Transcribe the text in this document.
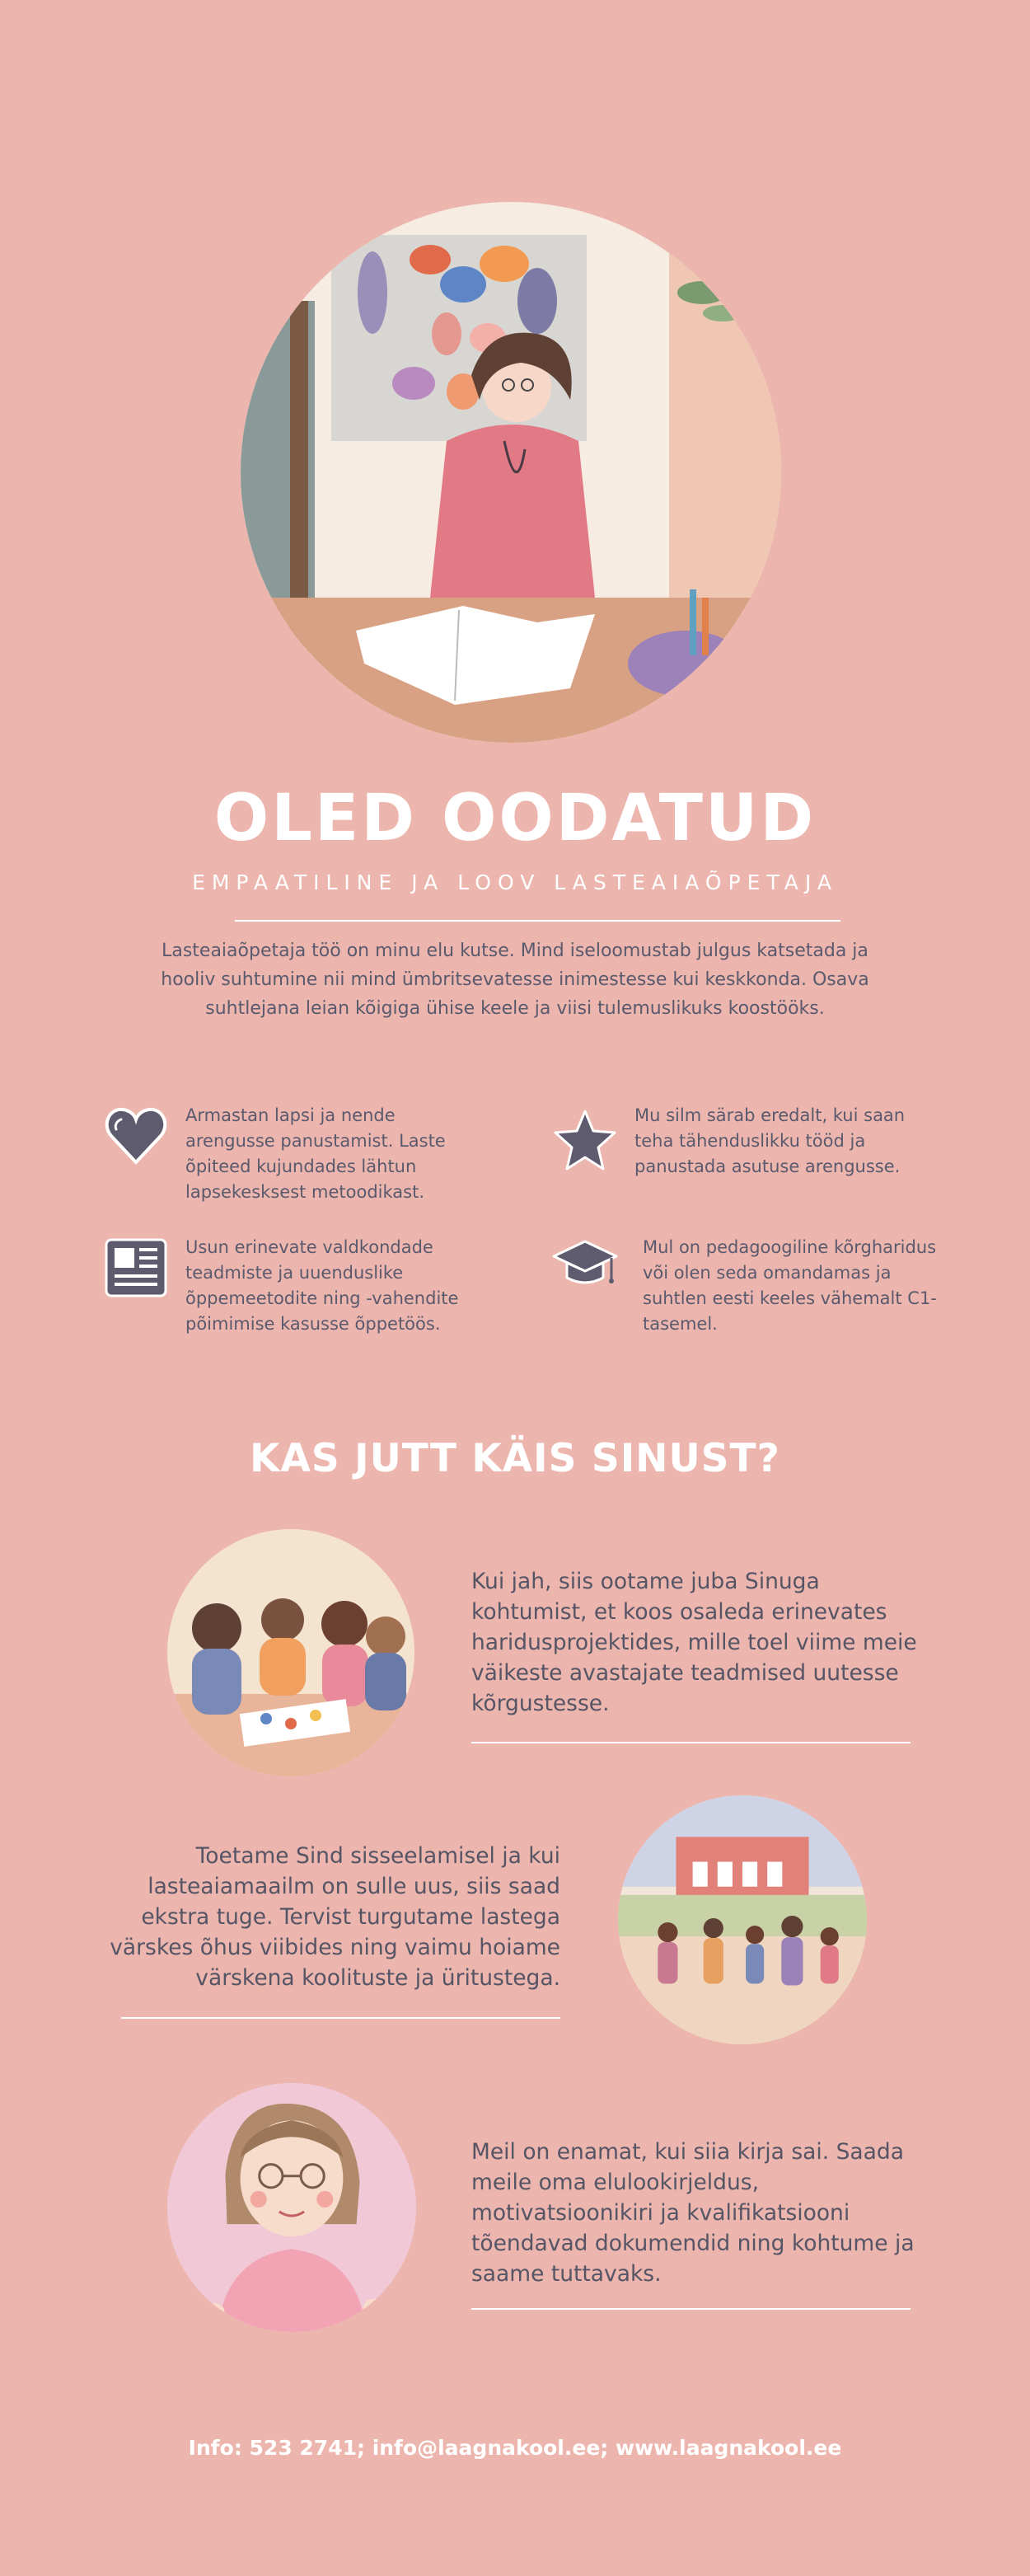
OLED OODATUD
EMPAATILINE JA LOOV LASTEAIAÕPETAJA
Lasteaiaõpetaja töö on minu elu kutse. Mind iseloomustab julgus katsetada ja hooliv suhtumine nii mind ümbritsevatesse inimestesse kui keskkonda. Osava suhtlejana leian kõigiga ühise keele ja viisi tulemuslikuks koostööks.
Armastan lapsi ja nende arengusse panustamist. Laste õpiteed kujundades lähtun lapsekesksest metoodikast.
Mu silm särab eredalt, kui saan teha tähenduslikku tööd ja panustada asutuse arengusse.
Usun erinevate valdkondade teadmiste ja uuenduslike õppemeetodite ning -vahendite põimimise kasusse õppetöös.
Mul on pedagoogiline kõrgharidus või olen seda omandamas ja suhtlen eesti keeles vähemalt C1-tasemel.
KAS JUTT KÄIS SINUST?
Kui jah, siis ootame juba Sinuga kohtumist, et koos osaleda erinevates haridusprojektides, mille toel viime meie väikeste avastajate teadmised uutesse kõrgustesse.
Toetame Sind sisseelamisel ja kui lasteaiamaailm on sulle uus, siis saad ekstra tuge. Tervist turgutame lastega värskes õhus viibides ning vaimu hoiame värskena koolituste ja üritustega.
Meil on enamat, kui siia kirja sai. Saada meile oma elulookirjeldus, motivatsioonikiri ja kvalifikatsiooni tõendavad dokumendid ning kohtume ja saame tuttavaks.
Info: 523 2741; info@laagnakool.ee; www.laagnakool.ee
